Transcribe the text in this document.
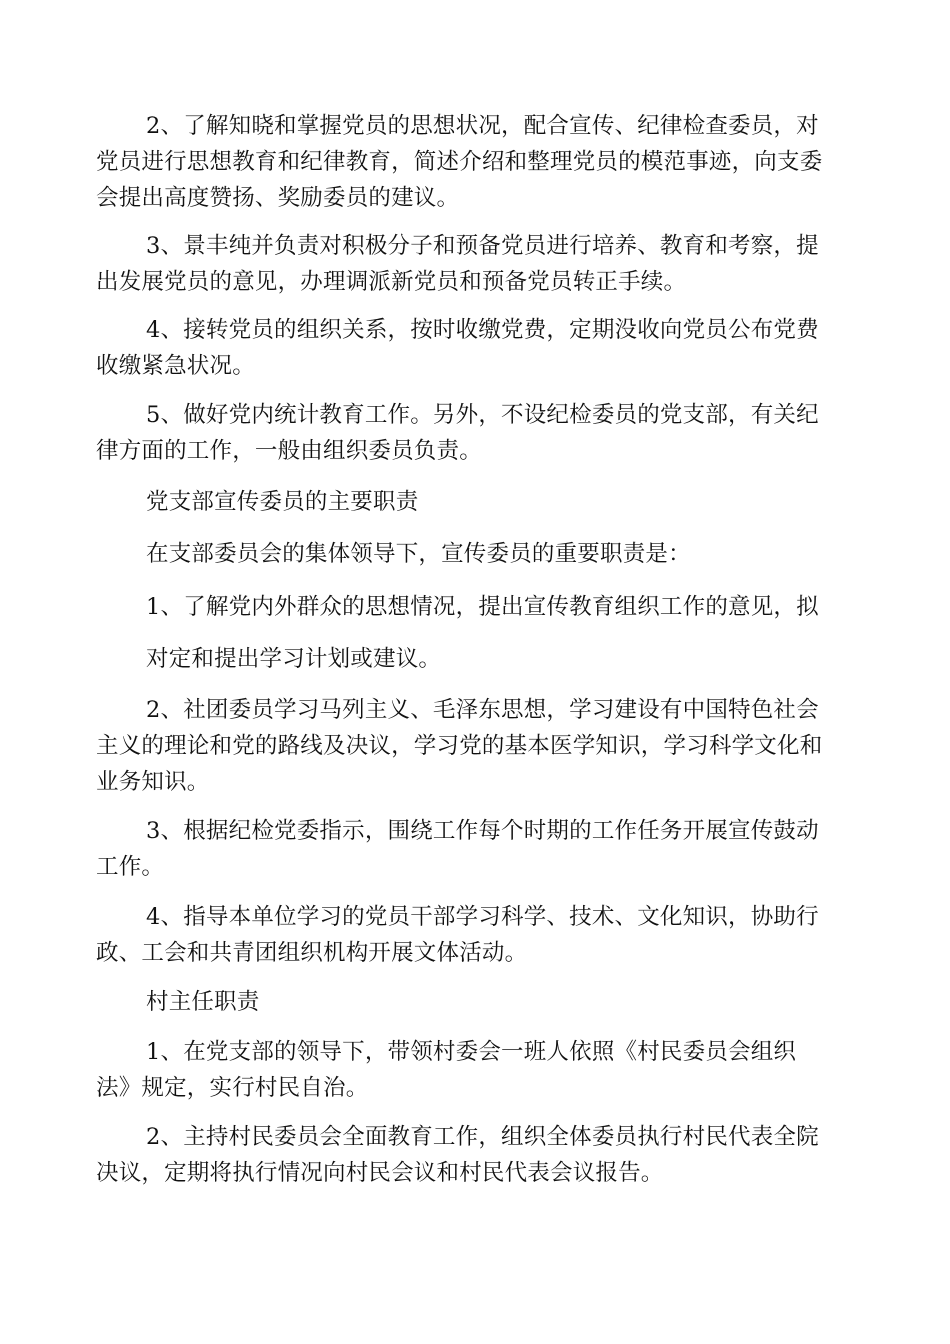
2、了解知晓和掌握党员的思想状况，配合宣传、纪律检查委员，对
党员进行思想教育和纪律教育，简述介绍和整理党员的模范事迹，向支委
会提出高度赞扬、奖励委员的建议。
3、景丰纯并负责对积极分子和预备党员进行培养、教育和考察，提
出发展党员的意见，办理调派新党员和预备党员转正手续。
4、接转党员的组织关系，按时收缴党费，定期没收向党员公布党费
收缴紧急状况。
5、做好党内统计教育工作。另外，不设纪检委员的党支部，有关纪
律方面的工作，一般由组织委员负责。
党支部宣传委员的主要职责
在支部委员会的集体领导下，宣传委员的重要职责是：
1、了解党内外群众的思想情况，提出宣传教育组织工作的意见，拟
对定和提出学习计划或建议。
2、社团委员学习马列主义、毛泽东思想，学习建设有中国特色社会
主义的理论和党的路线及决议，学习党的基本医学知识，学习科学文化和
业务知识。
3、根据纪检党委指示，围绕工作每个时期的工作任务开展宣传鼓动
工作。
4、指导本单位学习的党员干部学习科学、技术、文化知识，协助行
政、工会和共青团组织机构开展文体活动。
村主任职责
1、在党支部的领导下，带领村委会一班人依照《村民委员会组织
法》规定，实行村民自治。
2、主持村民委员会全面教育工作，组织全体委员执行村民代表全院
决议，定期将执行情况向村民会议和村民代表会议报告。
